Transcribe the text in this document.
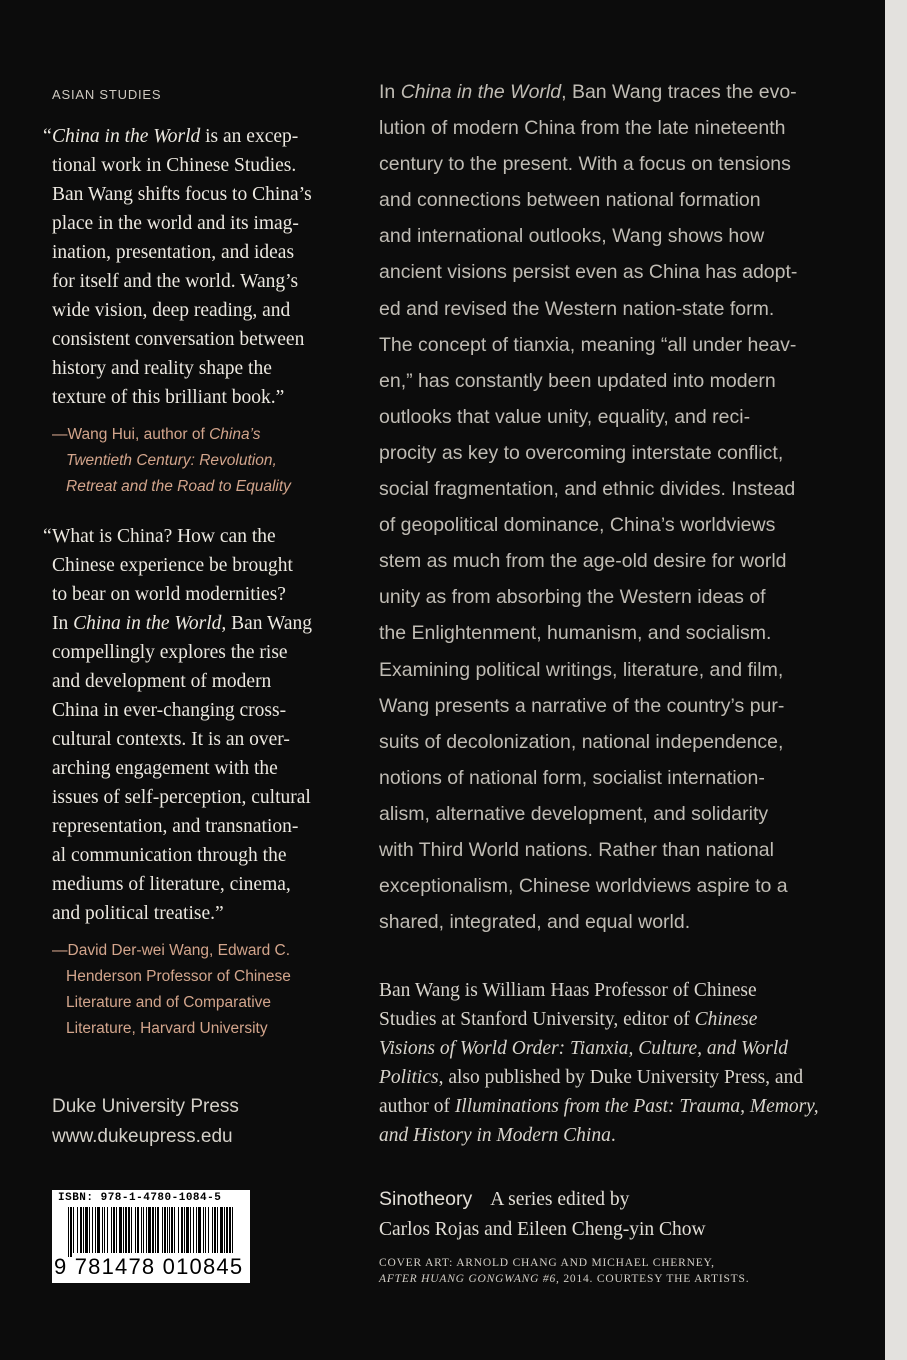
ASIAN STUDIES
“ China in the World is an excep-
tional work in Chinese Studies.
Ban Wang shifts focus to China’s
place in the world and its imag-
ination, presentation, and ideas
for itself and the world. Wang’s
wide vision, deep reading, and
consistent conversation between
history and reality shape the
texture of this brilliant book.”
—Wang Hui, author of China’s
Twentieth Century: Revolution,
Retreat and the Road to Equality
“ What is China? How can the
Chinese experience be brought
to bear on world modernities?
In China in the World, Ban Wang
compellingly explores the rise
and development of modern
China in ever-changing cross-
cultural contexts. It is an over-
arching engagement with the
issues of self-perception, cultural
representation, and transnation-
al communication through the
mediums of literature, cinema,
and political treatise.”
—David Der-wei Wang, Edward C.
Henderson Professor of Chinese
Literature and of Comparative
Literature, Harvard University
Duke University Press
www.dukeupress.edu
ISBN: 978-1-4780-1084-5
9 781478 010845
In China in the World, Ban Wang traces the evo-
lution of modern China from the late nineteenth
century to the present. With a focus on tensions
and connections between national formation
and international outlooks, Wang shows how
ancient visions persist even as China has adopt-
ed and revised the Western nation-state form.
The concept of tianxia, meaning “all under heav-
en,” has constantly been updated into modern
outlooks that value unity, equality, and reci-
procity as key to overcoming interstate conflict,
social fragmentation, and ethnic divides. Instead
of geopolitical dominance, China’s worldviews
stem as much from the age-old desire for world
unity as from absorbing the Western ideas of
the Enlightenment, humanism, and socialism.
Examining political writings, literature, and film,
Wang presents a narrative of the country’s pur-
suits of decolonization, national independence,
notions of national form, socialist internation-
alism, alternative development, and solidarity
with Third World nations. Rather than national
exceptionalism, Chinese worldviews aspire to a
shared, integrated, and equal world.
Ban Wang is William Haas Professor of Chinese
Studies at Stanford University, editor of Chinese
Visions of World Order: Tianxia, Culture, and World
Politics, also published by Duke University Press, and
author of Illuminations from the Past: Trauma, Memory,
and History in Modern China.
Sinotheory A series edited by
Carlos Rojas and Eileen Cheng-yin Chow
COVER ART: ARNOLD CHANG AND MICHAEL CHERNEY,
AFTER HUANG GONGWANG #6, 2014. COURTESY THE ARTISTS.
